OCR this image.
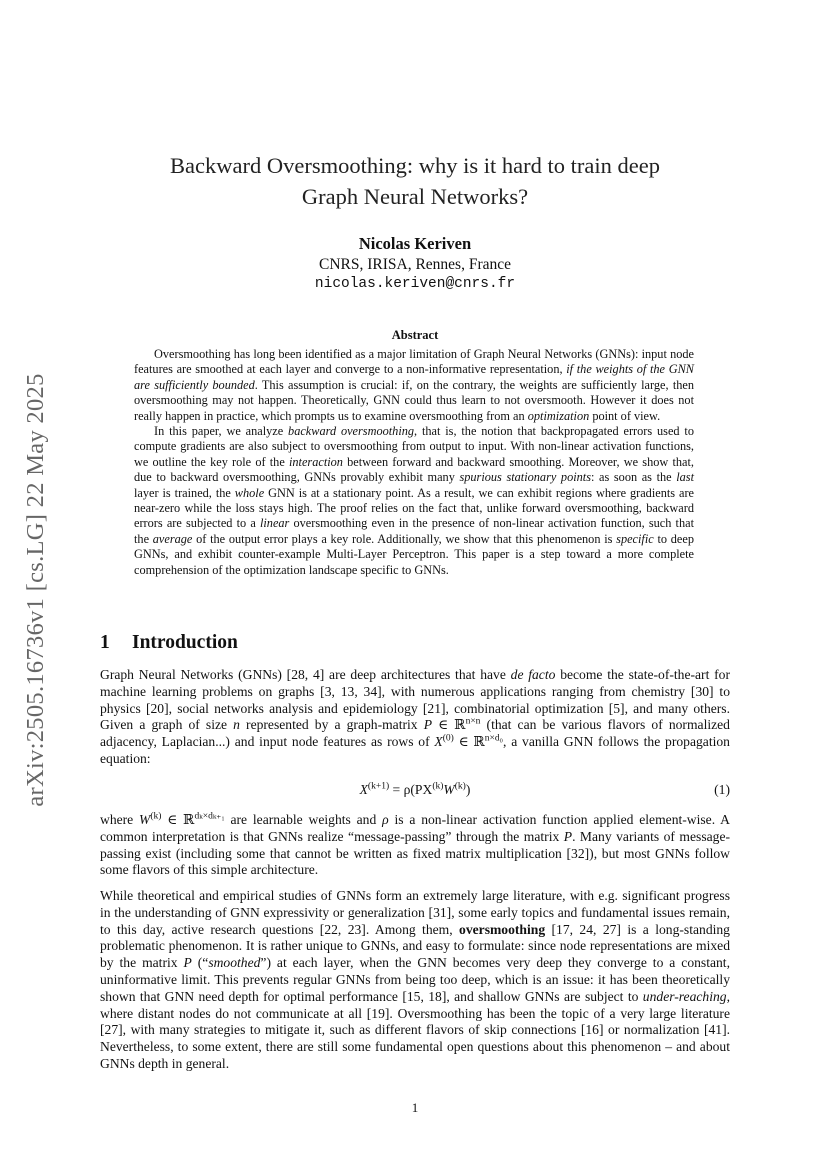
arXiv:2505.16736v1 [cs.LG] 22 May 2025
Backward Oversmoothing: why is it hard to train deep
Graph Neural Networks?
Nicolas Keriven
CNRS, IRISA, Rennes, France
nicolas.keriven@cnrs.fr
Abstract

Oversmoothing has long been identified as a major limitation of Graph Neural Networks (GNNs): input node features are smoothed at each layer and converge to a non-informative representation, if the weights of the GNN are sufficiently bounded. This assumption is crucial: if, on the contrary, the weights are sufficiently large, then oversmoothing may not happen. Theoretically, GNN could thus learn to not oversmooth. However it does not really happen in practice, which prompts us to examine oversmoothing from an optimization point of view.

In this paper, we analyze backward oversmoothing, that is, the notion that backpropagated errors used to compute gradients are also subject to oversmoothing from output to input. With non-linear activation functions, we outline the key role of the interaction between forward and backward smoothing. Moreover, we show that, due to backward oversmoothing, GNNs provably exhibit many spurious stationary points: as soon as the last layer is trained, the whole GNN is at a stationary point. As a result, we can exhibit regions where gradients are near-zero while the loss stays high. The proof relies on the fact that, unlike forward oversmoothing, backward errors are subjected to a linear oversmoothing even in the presence of non-linear activation function, such that the average of the output error plays a key role. Additionally, we show that this phenomenon is specific to deep GNNs, and exhibit counter-example Multi-Layer Perceptron. This paper is a step toward a more complete comprehension of the optimization landscape specific to GNNs.

1 Introduction

Graph Neural Networks (GNNs) [28, 4] are deep architectures that have de facto become the state-of-the-art for machine learning problems on graphs [3, 13, 34], with numerous applications ranging from chemistry [30] to physics [20], social networks analysis and epidemiology [21], combinatorial optimization [5], and many others. Given a graph of size n represented by a graph-matrix P ∈ ℝ$^{n\times n}$ (that can be various flavors of normalized adjacency, Laplacian...) and input node features as rows of $X^{(0)}$ ∈ ℝ$^{n\times d_0}$, a vanilla GNN follows the propagation equation:

$X^{(k+1)} = \rho(PX^{(k)}W^{(k)})$	(1)

where $W^{(k)}$ ∈ ℝ$^{d_k\times d_{k+1}}$ are learnable weights and ρ is a non-linear activation function applied element-wise. A common interpretation is that GNNs realize “message-passing” through the matrix P. Many variants of message-passing exist (including some that cannot be written as fixed matrix multiplication [32]), but most GNNs follow some flavors of this simple architecture.

While theoretical and empirical studies of GNNs form an extremely large literature, with e.g. significant progress in the understanding of GNN expressivity or generalization [31], some early topics and fundamental issues remain, to this day, active research questions [22, 23]. Among them, oversmoothing [17, 24, 27] is a long-standing problematic phenomenon. It is rather unique to GNNs, and easy to formulate: since node representations are mixed by the matrix P (“smoothed”) at each layer, when the GNN becomes very deep they converge to a constant, uninformative limit. This prevents regular GNNs from being too deep, which is an issue: it has been theoretically shown that GNN need depth for optimal performance [15, 18], and shallow GNNs are subject to under-reaching, where distant nodes do not communicate at all [19]. Oversmoothing has been the topic of a very large literature [27], with many strategies to mitigate it, such as different flavors of skip connections [16] or normalization [41]. Nevertheless, to some extent, there are still some fundamental open questions about this phenomenon – and about GNNs depth in general.

1
